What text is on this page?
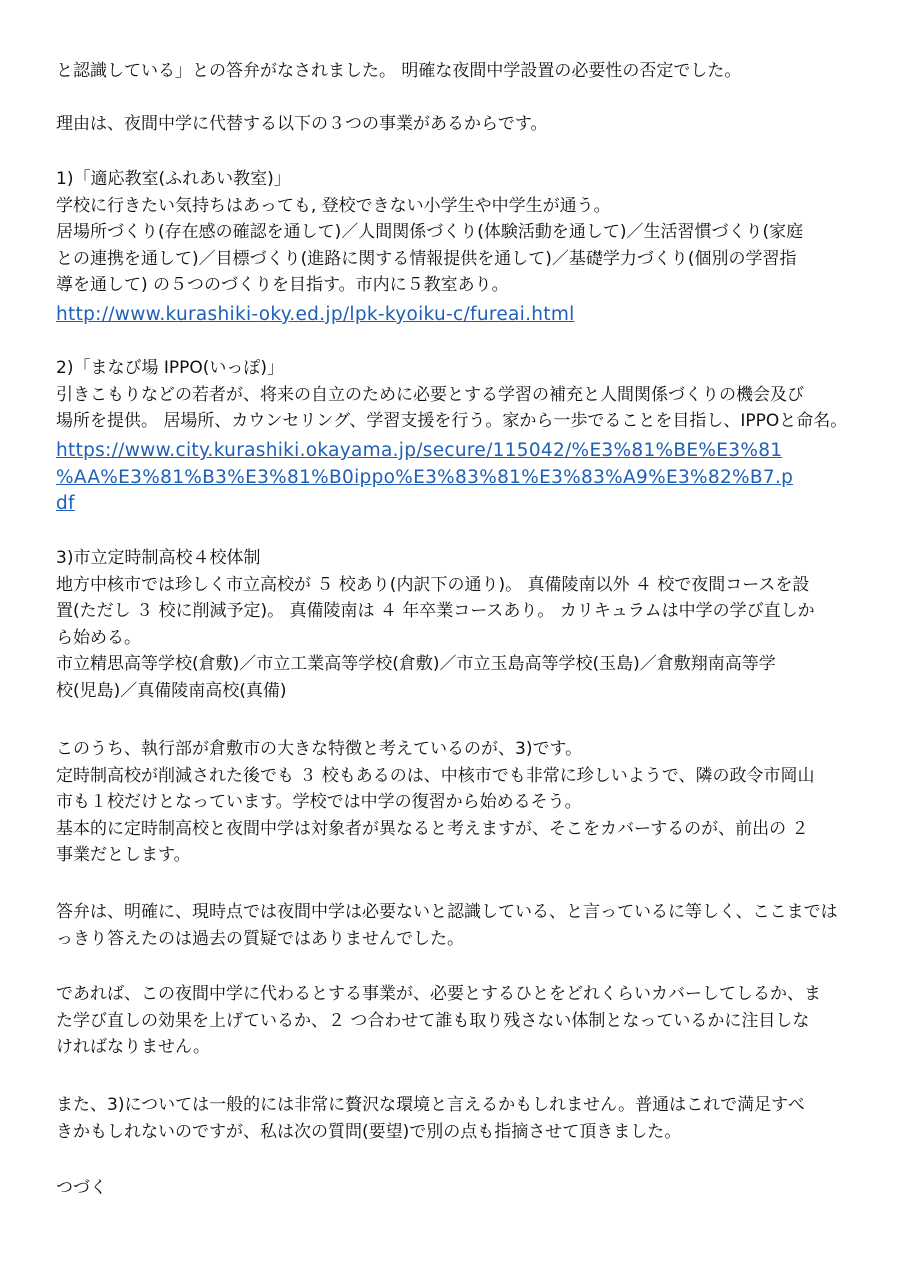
と認識している」との答弁がなされました。 明確な夜間中学設置の必要性の否定でした。
理由は、夜間中学に代替する以下の３つの事業があるからです。
1)「適応教室(ふれあい教室)」
学校に行きたい気持ちはあっても, 登校できない小学生や中学生が通う。
居場所づくり(存在感の確認を通して)／人間関係づくり(体験活動を通して)／生活習慣づくり(家庭
との連携を通して)／目標づくり(進路に関する情報提供を通して)／基礎学力づくり(個別の学習指
導を通して) の５つのづくりを目指す。市内に５教室あり。
http://www.kurashiki-oky.ed.jp/lpk-kyoiku-c/fureai.html
2)「まなび場 IPPO(いっぽ)」
引きこもりなどの若者が、将来の自立のために必要とする学習の補充と人間関係づくりの機会及び
場所を提供。 居場所、カウンセリング、学習支援を行う。家から一歩でることを目指し、IPPOと命名。
https://www.city.kurashiki.okayama.jp/secure/115042/%E3%81%BE%E3%81
%AA%E3%81%B3%E3%81%B0ippo%E3%83%81%E3%83%A9%E3%82%B7.p
df
3)市立定時制高校４校体制
地方中核市では珍しく市立高校が ５ 校あり(内訳下の通り)。 真備陵南以外 ４ 校で夜間コースを設
置(ただし ３ 校に削減予定)。 真備陵南は ４ 年卒業コースあり。 カリキュラムは中学の学び直しか
ら始める。
市立精思高等学校(倉敷)／市立工業高等学校(倉敷)／市立玉島高等学校(玉島)／倉敷翔南高等学
校(児島)／真備陵南高校(真備)
このうち、執行部が倉敷市の大きな特徴と考えているのが、3)です。
定時制高校が削減された後でも ３ 校もあるのは、中核市でも非常に珍しいようで、隣の政令市岡山
市も１校だけとなっています。学校では中学の復習から始めるそう。
基本的に定時制高校と夜間中学は対象者が異なると考えますが、そこをカバーするのが、前出の ２
事業だとします。
答弁は、明確に、現時点では夜間中学は必要ないと認識している、と言っているに等しく、ここまでは
っきり答えたのは過去の質疑ではありませんでした。
であれば、この夜間中学に代わるとする事業が、必要とするひとをどれくらいカバーしてしるか、ま
た学び直しの効果を上げているか、２ つ合わせて誰も取り残さない体制となっているかに注目しな
ければなりません。
また、3)については一般的には非常に贅沢な環境と言えるかもしれません。普通はこれで満足すべ
きかもしれないのですが、私は次の質問(要望)で別の点も指摘させて頂きました。
つづく
